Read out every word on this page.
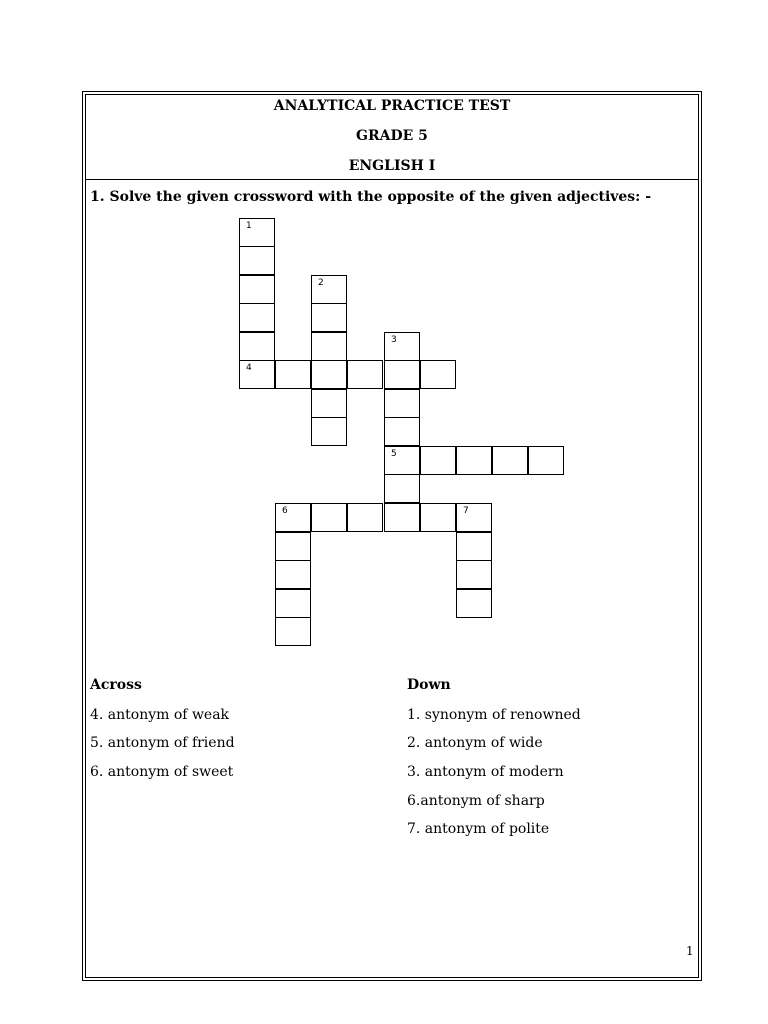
ANALYTICAL PRACTICE TEST
GRADE 5
ENGLISH I
1. Solve the given crossword with the opposite of the given adjectives: -
1
4
2
3
5
6	7
Across	Down
4. antonym of weak
5. antonym of friend
6. antonym of sweet
1. synonym of renowned
2. antonym of wide
3. antonym of modern
6.antonym of sharp
7. antonym of polite
1
